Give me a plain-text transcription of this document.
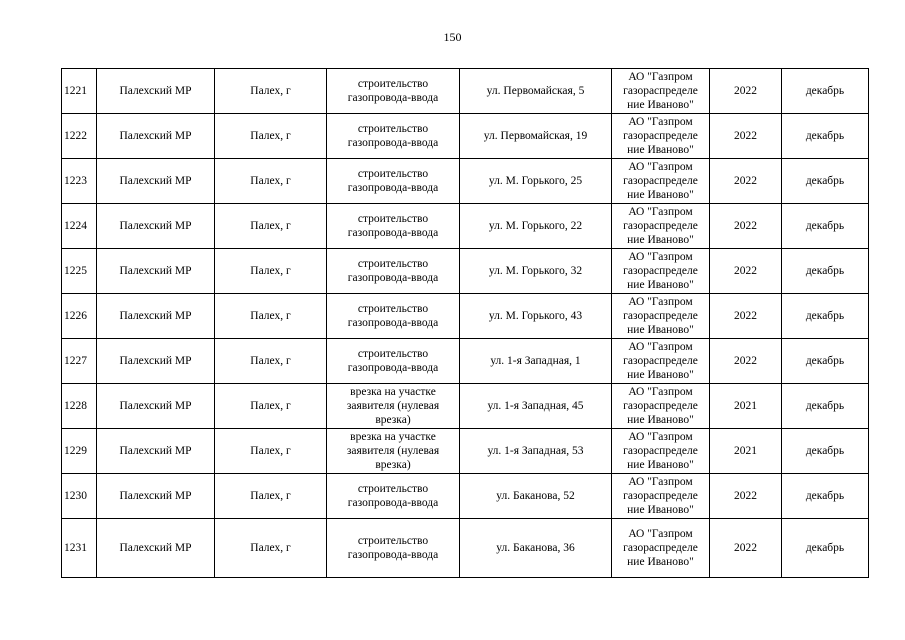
150
1221	Палехский МР	Палех, г	строительство газопровода-ввода	ул. Первомайская, 5	АО "Газпром газораспределе ние Иваново"	2022	декабрь
1222	Палехский МР	Палех, г	строительство газопровода-ввода	ул. Первомайская, 19	АО "Газпром газораспределе ние Иваново"	2022	декабрь
1223	Палехский МР	Палех, г	строительство газопровода-ввода	ул. М. Горького, 25	АО "Газпром газораспределе ние Иваново"	2022	декабрь
1224	Палехский МР	Палех, г	строительство газопровода-ввода	ул. М. Горького, 22	АО "Газпром газораспределе ние Иваново"	2022	декабрь
1225	Палехский МР	Палех, г	строительство газопровода-ввода	ул. М. Горького, 32	АО "Газпром газораспределе ние Иваново"	2022	декабрь
1226	Палехский МР	Палех, г	строительство газопровода-ввода	ул. М. Горького, 43	АО "Газпром газораспределе ние Иваново"	2022	декабрь
1227	Палехский МР	Палех, г	строительство газопровода-ввода	ул. 1-я Западная, 1	АО "Газпром газораспределе ние Иваново"	2022	декабрь
1228	Палехский МР	Палех, г	врезка на участке заявителя (нулевая врезка)	ул. 1-я Западная, 45	АО "Газпром газораспределе ние Иваново"	2021	декабрь
1229	Палехский МР	Палех, г	врезка на участке заявителя (нулевая врезка)	ул. 1-я Западная, 53	АО "Газпром газораспределе ние Иваново"	2021	декабрь
1230	Палехский МР	Палех, г	строительство газопровода-ввода	ул. Баканова, 52	АО "Газпром газораспределе ние Иваново"	2022	декабрь
1231	Палехский МР	Палех, г	строительство газопровода-ввода	ул. Баканова, 36	АО "Газпром газораспределе ние Иваново"	2022	декабрь
